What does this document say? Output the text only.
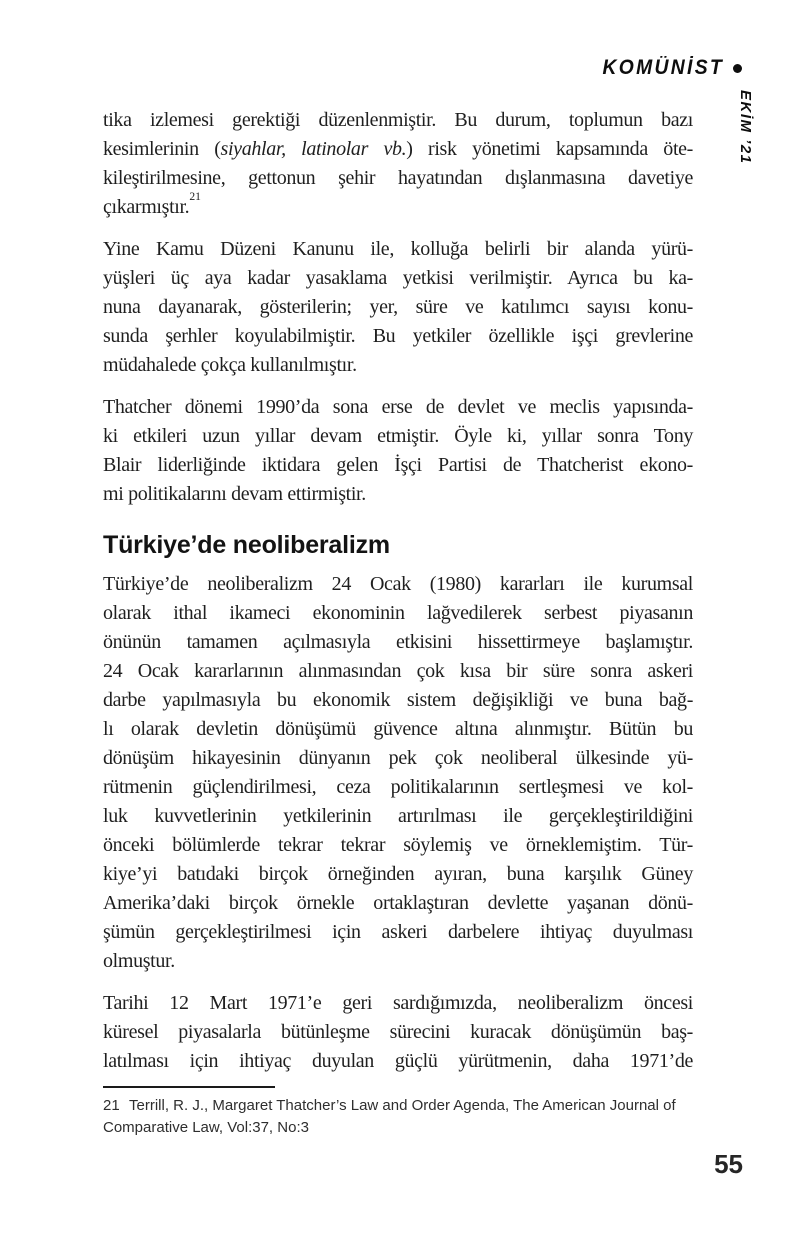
KOMÜNİST
EKİM ’21
tika izlemesi gerektiği düzenlenmiştir. Bu durum, toplumun bazı
kesimlerinin (siyahlar, latinolar vb.) risk yönetimi kapsamında öte-
kileştirilmesine, gettonun şehir hayatından dışlanmasına davetiye
çıkarmıştır.$^{21}$
Yine Kamu Düzeni Kanunu ile, kolluğa belirli bir alanda yürü-
yüşleri üç aya kadar yasaklama yetkisi verilmiştir. Ayrıca bu ka-
nuna dayanarak, gösterilerin; yer, süre ve katılımcı sayısı konu-
sunda şerhler koyulabilmiştir. Bu yetkiler özellikle işçi grevlerine
müdahalede çokça kullanılmıştır.
Thatcher dönemi 1990’da sona erse de devlet ve meclis yapısında-
ki etkileri uzun yıllar devam etmiştir. Öyle ki, yıllar sonra Tony
Blair liderliğinde iktidara gelen İşçi Partisi de Thatcherist ekono-
mi politikalarını devam ettirmiştir.
Türkiye’de neoliberalizm
Türkiye’de neoliberalizm 24 Ocak (1980) kararları ile kurumsal
olarak ithal ikameci ekonominin lağvedilerek serbest piyasanın
önünün tamamen açılmasıyla etkisini hissettirmeye başlamıştır.
24 Ocak kararlarının alınmasından çok kısa bir süre sonra askeri
darbe yapılmasıyla bu ekonomik sistem değişikliği ve buna bağ-
lı olarak devletin dönüşümü güvence altına alınmıştır. Bütün bu
dönüşüm hikayesinin dünyanın pek çok neoliberal ülkesinde yü-
rütmenin güçlendirilmesi, ceza politikalarının sertleşmesi ve kol-
luk kuvvetlerinin yetkilerinin artırılması ile gerçekleştirildiğini
önceki bölümlerde tekrar tekrar söylemiş ve örneklemiştim. Tür-
kiye’yi batıdaki birçok örneğinden ayıran, buna karşılık Güney
Amerika’daki birçok örnekle ortaklaştıran devlette yaşanan dönü-
şümün gerçekleştirilmesi için askeri darbelere ihtiyaç duyulması
olmuştur.
Tarihi 12 Mart 1971’e geri sardığımızda, neoliberalizm öncesi
küresel piyasalarla bütünleşme sürecini kuracak dönüşümün baş-
latılması için ihtiyaç duyulan güçlü yürütmenin, daha 1971’de
21 Terrill, R. J., Margaret Thatcher’s Law and Order Agenda, The American Journal of
Comparative Law, Vol:37, No:3
55
